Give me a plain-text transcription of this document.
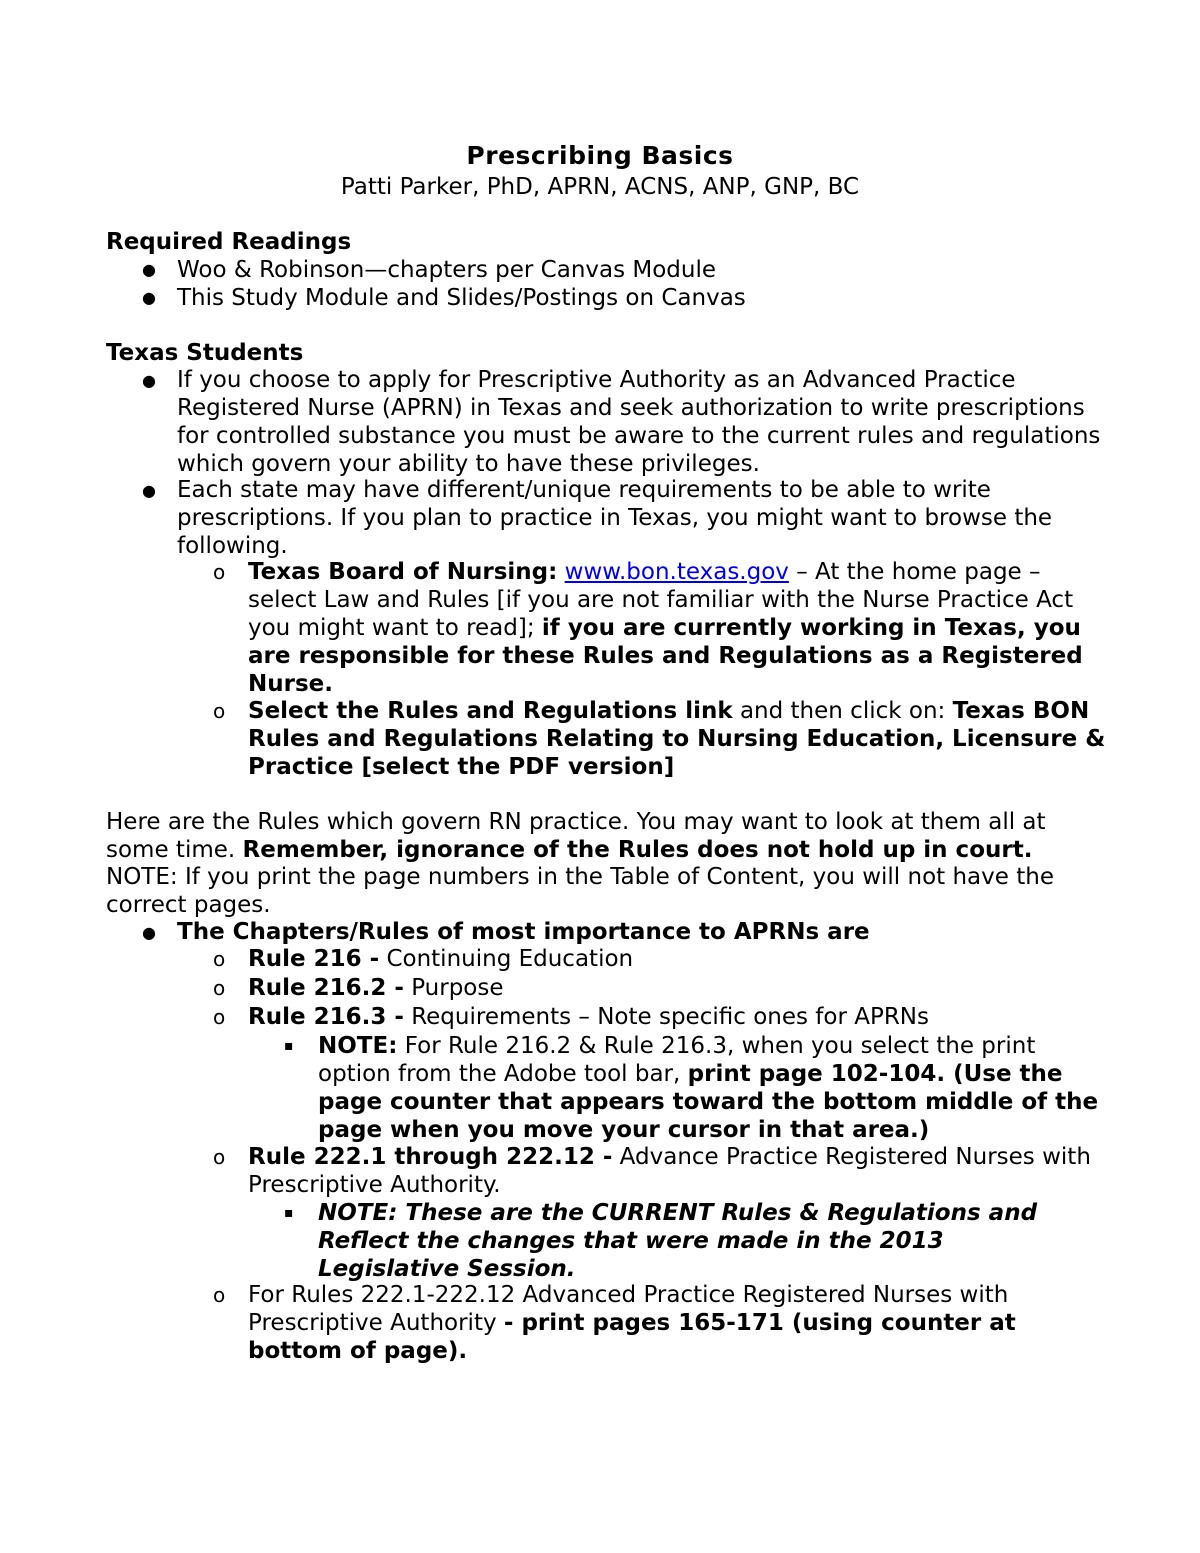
Prescribing Basics
Patti Parker, PhD, APRN, ACNS, ANP, GNP, BC
Required Readings
● Woo & Robinson—chapters per Canvas Module
● This Study Module and Slides/Postings on Canvas
Texas Students
● If you choose to apply for Prescriptive Authority as an Advanced Practice Registered Nurse (APRN) in Texas and seek authorization to write prescriptions for controlled substance you must be aware to the current rules and regulations which govern your ability to have these privileges.
● Each state may have different/unique requirements to be able to write prescriptions. If you plan to practice in Texas, you might want to browse the following.
o Texas Board of Nursing: www.bon.texas.gov – At the home page – select Law and Rules [if you are not familiar with the Nurse Practice Act you might want to read]; if you are currently working in Texas, you are responsible for these Rules and Regulations as a Registered Nurse.
o Select the Rules and Regulations link and then click on: Texas BON Rules and Regulations Relating to Nursing Education, Licensure & Practice [select the PDF version]
Here are the Rules which govern RN practice. You may want to look at them all at some time. Remember, ignorance of the Rules does not hold up in court.
NOTE: If you print the page numbers in the Table of Content, you will not have the correct pages.
● The Chapters/Rules of most importance to APRNs are
o Rule 216 - Continuing Education
o Rule 216.2 - Purpose
o Rule 216.3 - Requirements – Note specific ones for APRNs
▪ NOTE: For Rule 216.2 & Rule 216.3, when you select the print option from the Adobe tool bar, print page 102-104. (Use the page counter that appears toward the bottom middle of the page when you move your cursor in that area.)
o Rule 222.1 through 222.12 - Advance Practice Registered Nurses with Prescriptive Authority.
▪ NOTE: These are the CURRENT Rules & Regulations and Reflect the changes that were made in the 2013 Legislative Session.
o For Rules 222.1-222.12 Advanced Practice Registered Nurses with Prescriptive Authority - print pages 165-171 (using counter at bottom of page).
